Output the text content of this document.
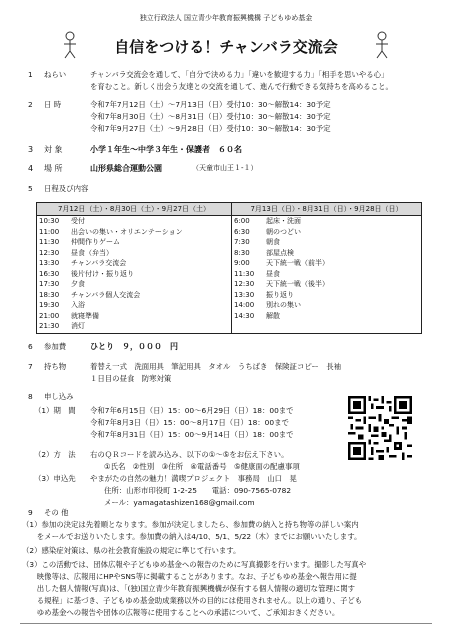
独立行政法人 国立青少年教育振興機構 子どもゆめ基金
自信をつける！チャンバラ交流会
1 ねらい	チャンバラ交流会を通して、「自分で決める力」「違いを歓迎する力」「相手を思いやる心」
を育むこと。新しく出会う友達との交流を通して、進んで行動できる気持ちを高めること。
2 日 時	令和7年7月12日（土）〜7月13日（日）受付10：30〜解散14：30予定
令和7年8月30日（土）〜8月31日（日）受付10：30〜解散14：30予定
令和7年9月27日（土）〜9月28日（日）受付10：30〜解散14：30予定
3 対 象	小学１年生〜中学３年生・保護者　６０名
4 場 所	山形県総合運動公園	（天童市山王１-１）
5 日程及び内容
7月12日（土）・8月30日（土）・9月27日（土）
10:30 受付
11:00 出会いの集い・オリエンテーション
11:30 仲間作りゲーム
12:30 昼食（弁当）
13:30 チャンバラ交流会
16:30 後片付け・振り返り
17:30 夕食
18:30 チャンバラ個人交流会
19:30 入浴
21:00 就寝準備
21:30 消灯
7月13日（日）・8月31日（日）・9月28日（日）
6:00 起床・洗面
6:30 朝のつどい
7:30 朝食
8:30 部屋点検
9:00 天下統一戦（前半）
11:30 昼食
12:30 天下統一戦（後半）
13:30 振り返り
14:00 別れの集い
14:30 解散
6 参加費	ひとり　９，０００　円
7 持ち物	着替え一式　洗面用具　筆記用具　タオル　うちばき　保険証コピー　長袖
１日目の昼食　防寒対策
8 申し込み
（1）期　間 令和7年6月15日（日）15：00〜6月29日（日）18：00まで
令和7年8月3日（日）15：00〜8月17日（日）18：00まで
令和7年8月31日（日）15：00〜9月14日（日）18：00まで
（2）方　法 右のＱＲコードを読み込み、以下の①〜⑤をお伝え下さい。
①氏名　②性別　③住所　④電話番号　⑤健康面の配慮事項
（3）申込先 やまがたの自然の魅力！満喫プロジェクト　事務局　山口　晃
住所：山形市印役町 1-2-25　　電話：090-7565-0782
メール：yamagatashizen168@gmail.com
9 その 他
（1）参加の決定は先着順となります。参加が決定しましたら、参加費の納入と持ち物等の詳しい案内
　　をメールでお送りいたします。参加費の納入は4/10、5/1、5/22（木）までにお願いいたします。
（2）感染症対策は、県の社会教育施設の規定に準じて行います。
（3）この活動では、団体広報や子どもゆめ基金への報告のために写真撮影を行います。撮影した写真や
　　映像等は、広報用にHPやSNS等に掲載することがあります。なお、子どもゆめ基金へ報告用に提
　　出した個人情報(写真)は、「(独)国立青少年教育振興機構が保有する個人情報の適切な管理に関す
　　る規程」に基づき、子どもゆめ基金助成業務以外の目的には使用されません。以上の通り、子ども
　　ゆめ基金への報告や団体の広報等に使用することへの承諾について、ご承知おきください。
